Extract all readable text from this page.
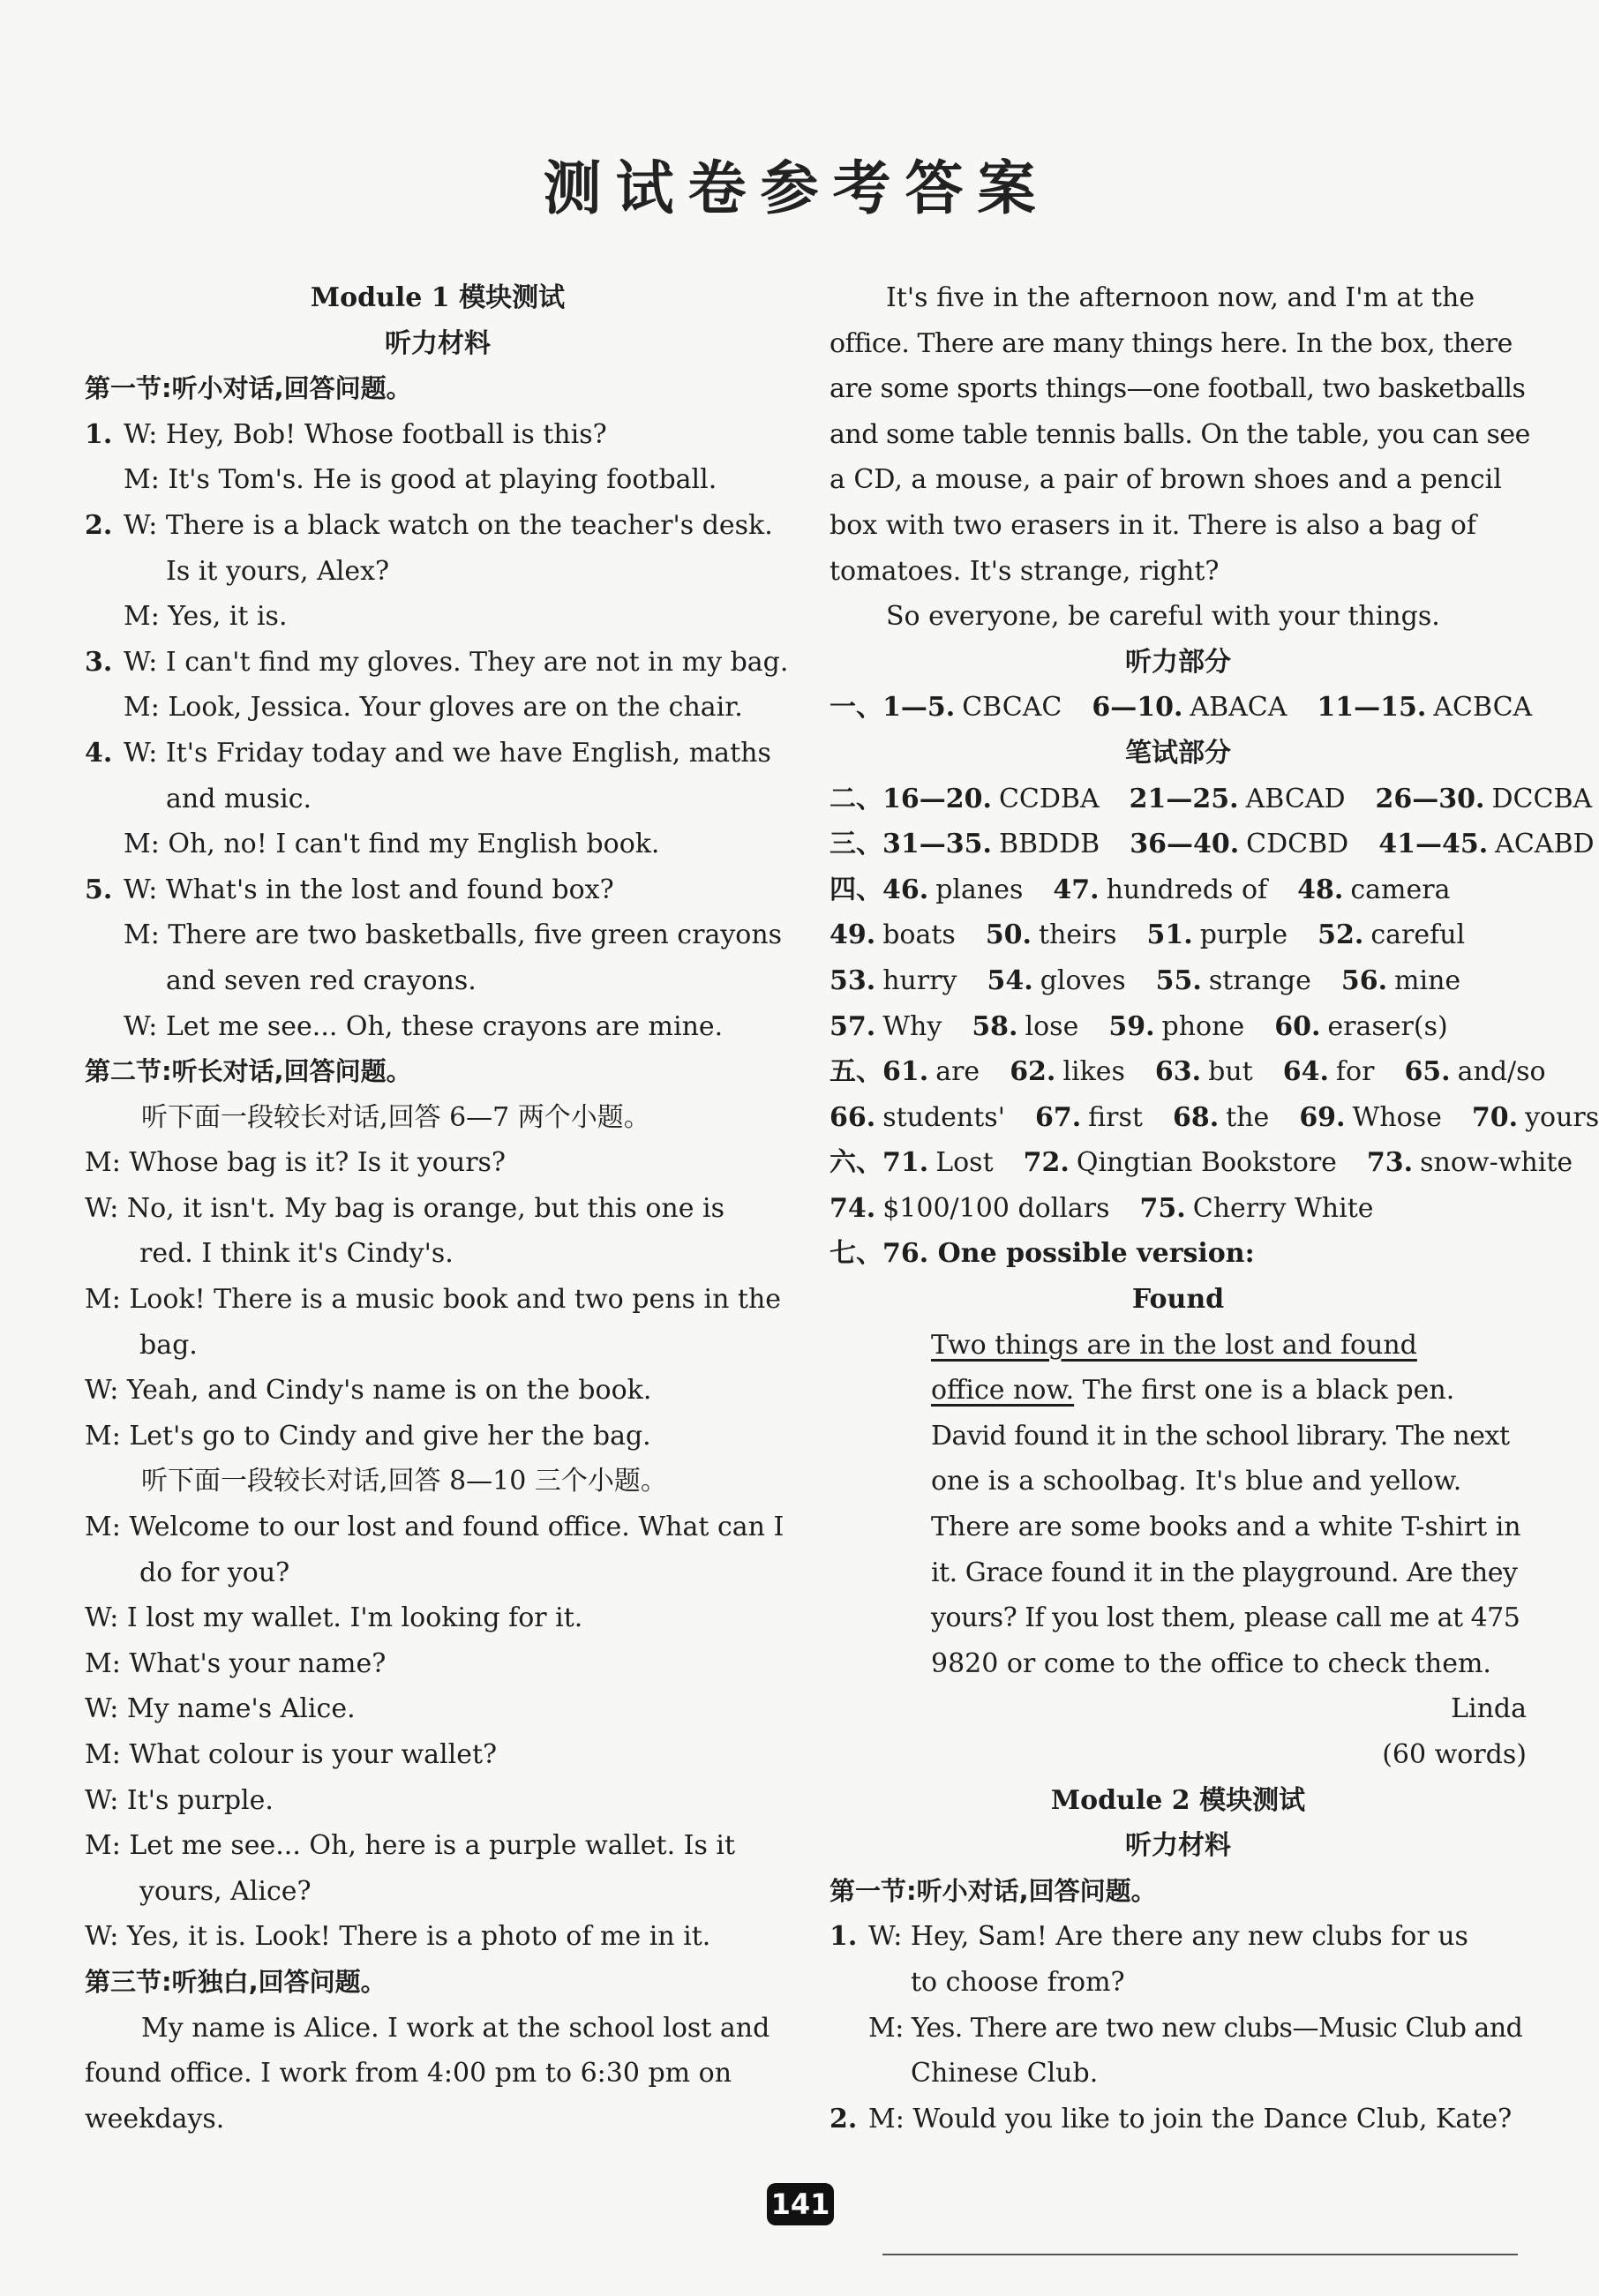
测试卷参考答案
Module 1 模块测试
听力材料
第一节:听小对话,回答问题。
1. W: Hey, Bob! Whose football is this?
M: It's Tom's. He is good at playing football.
2. W: There is a black watch on the teacher's desk.
Is it yours, Alex?
M: Yes, it is.
3. W: I can't find my gloves. They are not in my bag.
M: Look, Jessica. Your gloves are on the chair.
4. W: It's Friday today and we have English, maths
and music.
M: Oh, no! I can't find my English book.
5. W: What's in the lost and found box?
M: There are two basketballs, five green crayons
and seven red crayons.
W: Let me see... Oh, these crayons are mine.
第二节:听长对话,回答问题。
听下面一段较长对话,回答 6—7 两个小题。
M: Whose bag is it? Is it yours?
W: No, it isn't. My bag is orange, but this one is
red. I think it's Cindy's.
M: Look! There is a music book and two pens in the
bag.
W: Yeah, and Cindy's name is on the book.
M: Let's go to Cindy and give her the bag.
听下面一段较长对话,回答 8—10 三个小题。
M: Welcome to our lost and found office. What can I
do for you?
W: I lost my wallet. I'm looking for it.
M: What's your name?
W: My name's Alice.
M: What colour is your wallet?
W: It's purple.
M: Let me see... Oh, here is a purple wallet. Is it
yours, Alice?
W: Yes, it is. Look! There is a photo of me in it.
第三节:听独白,回答问题。
My name is Alice. I work at the school lost and
found office. I work from 4:00 pm to 6:30 pm on
weekdays.
It's five in the afternoon now, and I'm at the
office. There are many things here. In the box, there
are some sports things—one football, two basketballs
and some table tennis balls. On the table, you can see
a CD, a mouse, a pair of brown shoes and a pencil
box with two erasers in it. There is also a bag of
tomatoes. It's strange, right?
So everyone, be careful with your things.
听力部分
一、1—5. CBCAC 6—10. ABACA 11—15. ACBCA
笔试部分
二、16—20. CCDBA 21—25. ABCAD 26—30. DCCBA
三、31—35. BBDDB 36—40. CDCBD 41—45. ACABD
四、46. planes 47. hundreds of 48. camera
49. boats 50. theirs 51. purple 52. careful
53. hurry 54. gloves 55. strange 56. mine
57. Why 58. lose 59. phone 60. eraser(s)
五、61. are 62. likes 63. but 64. for 65. and/so
66. students' 67. first 68. the 69. Whose 70. yours
六、71. Lost 72. Qingtian Bookstore 73. snow-white
74. $100/100 dollars 75. Cherry White
七、76. One possible version:
Found
Two things are in the lost and found
office now. The first one is a black pen.
David found it in the school library. The next
one is a schoolbag. It's blue and yellow.
There are some books and a white T-shirt in
it. Grace found it in the playground. Are they
yours? If you lost them, please call me at 475
9820 or come to the office to check them.
Linda
(60 words)
Module 2 模块测试
听力材料
第一节:听小对话,回答问题。
1. W: Hey, Sam! Are there any new clubs for us
to choose from?
M: Yes. There are two new clubs—Music Club and
Chinese Club.
2. M: Would you like to join the Dance Club, Kate?
141
